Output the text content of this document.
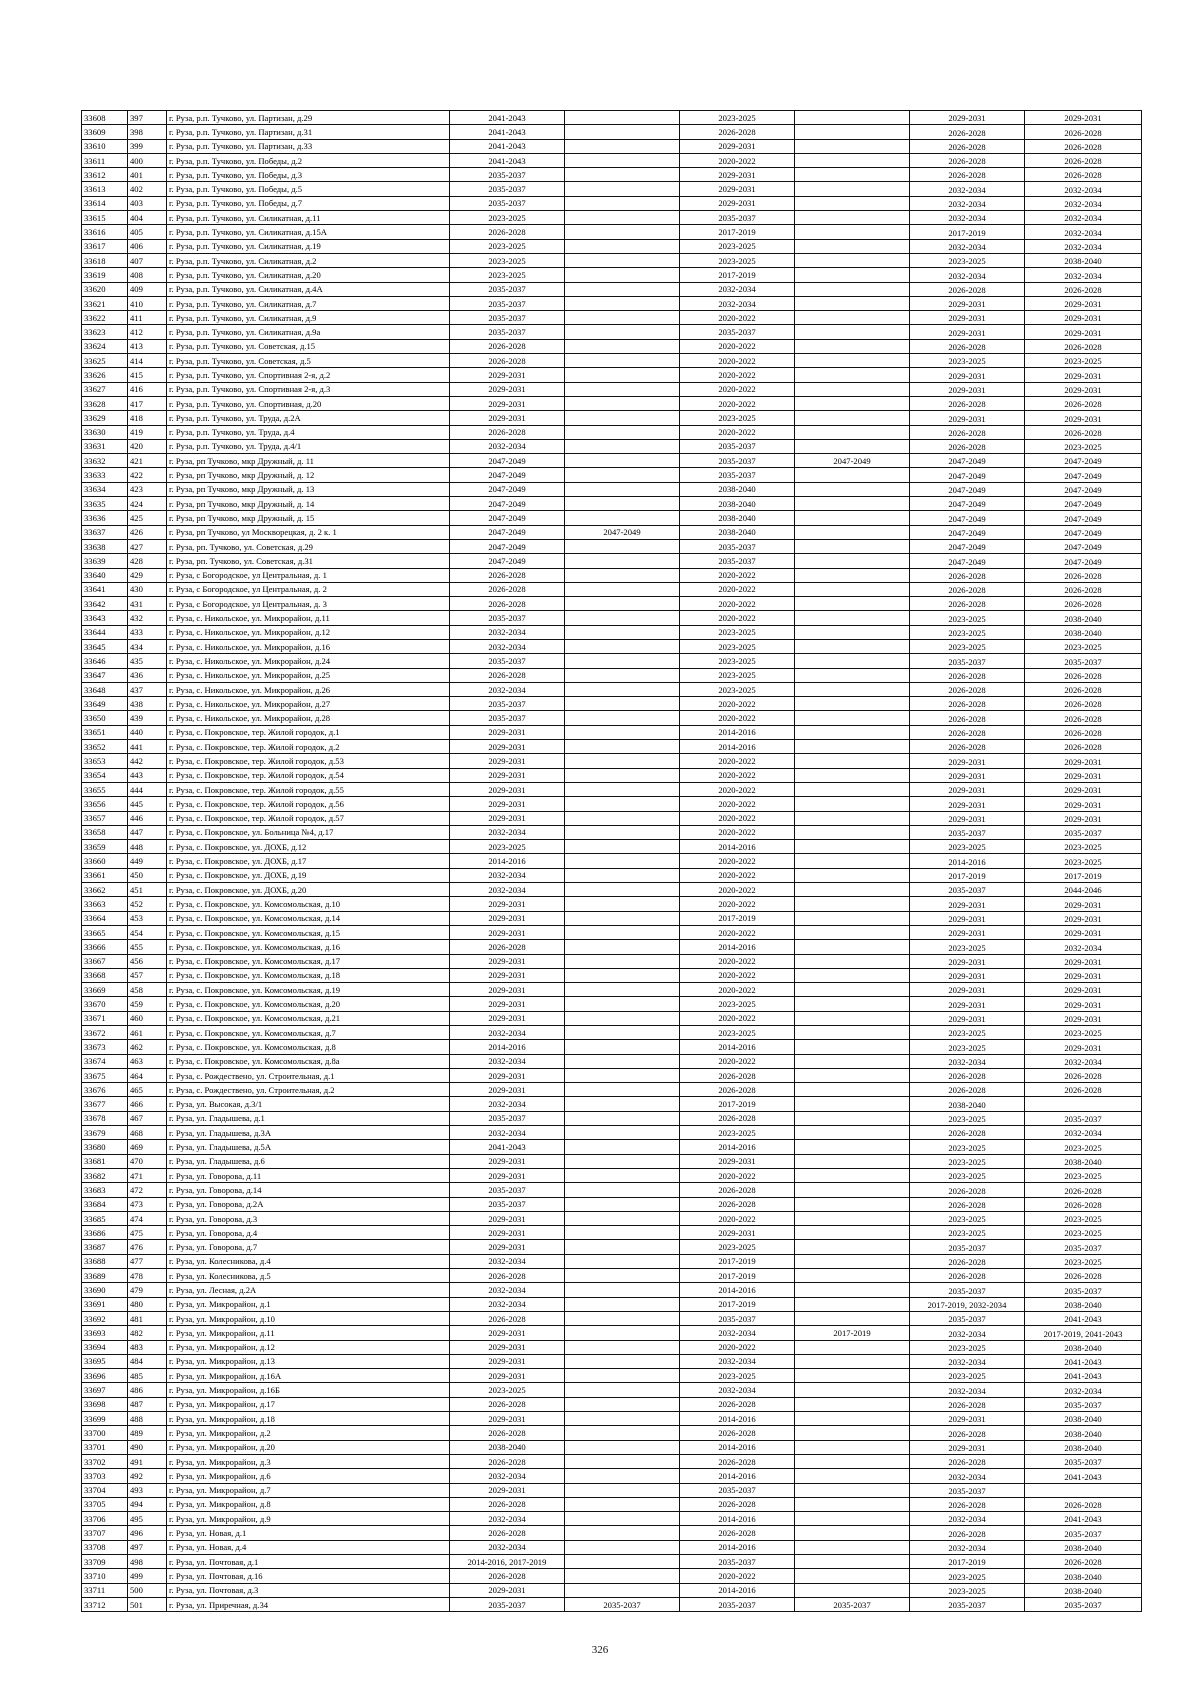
33608	397	г. Руза, р.п. Тучково, ул. Партизан, д.29	2041-2043		2023-2025		2029-2031	2029-2031
33609	398	г. Руза, р.п. Тучково, ул. Партизан, д.31	2041-2043		2026-2028		2026-2028	2026-2028
33610	399	г. Руза, р.п. Тучково, ул. Партизан, д.33	2041-2043		2029-2031		2026-2028	2026-2028
33611	400	г. Руза, р.п. Тучково, ул. Победы, д.2	2041-2043		2020-2022		2026-2028	2026-2028
33612	401	г. Руза, р.п. Тучково, ул. Победы, д.3	2035-2037		2029-2031		2026-2028	2026-2028
33613	402	г. Руза, р.п. Тучково, ул. Победы, д.5	2035-2037		2029-2031		2032-2034	2032-2034
33614	403	г. Руза, р.п. Тучково, ул. Победы, д.7	2035-2037		2029-2031		2032-2034	2032-2034
33615	404	г. Руза, р.п. Тучково, ул. Силикатная, д.11	2023-2025		2035-2037		2032-2034	2032-2034
33616	405	г. Руза, р.п. Тучково, ул. Силикатная, д.15А	2026-2028		2017-2019		2017-2019	2032-2034
33617	406	г. Руза, р.п. Тучково, ул. Силикатная, д.19	2023-2025		2023-2025		2032-2034	2032-2034
33618	407	г. Руза, р.п. Тучково, ул. Силикатная, д.2	2023-2025		2023-2025		2023-2025	2038-2040
33619	408	г. Руза, р.п. Тучково, ул. Силикатная, д.20	2023-2025		2017-2019		2032-2034	2032-2034
33620	409	г. Руза, р.п. Тучково, ул. Силикатная, д.4А	2035-2037		2032-2034		2026-2028	2026-2028
33621	410	г. Руза, р.п. Тучково, ул. Силикатная, д.7	2035-2037		2032-2034		2029-2031	2029-2031
33622	411	г. Руза, р.п. Тучково, ул. Силикатная, д.9	2035-2037		2020-2022		2029-2031	2029-2031
33623	412	г. Руза, р.п. Тучково, ул. Силикатная, д.9а	2035-2037		2035-2037		2029-2031	2029-2031
33624	413	г. Руза, р.п. Тучково, ул. Советская, д.15	2026-2028		2020-2022		2026-2028	2026-2028
33625	414	г. Руза, р.п. Тучково, ул. Советская, д.5	2026-2028		2020-2022		2023-2025	2023-2025
33626	415	г. Руза, р.п. Тучково, ул. Спортивная 2-я, д.2	2029-2031		2020-2022		2029-2031	2029-2031
33627	416	г. Руза, р.п. Тучково, ул. Спортивная 2-я, д.3	2029-2031		2020-2022		2029-2031	2029-2031
33628	417	г. Руза, р.п. Тучково, ул. Спортивная, д.20	2029-2031		2020-2022		2026-2028	2026-2028
33629	418	г. Руза, р.п. Тучково, ул. Труда, д.2А	2029-2031		2023-2025		2029-2031	2029-2031
33630	419	г. Руза, р.п. Тучково, ул. Труда, д.4	2026-2028		2020-2022		2026-2028	2026-2028
33631	420	г. Руза, р.п. Тучково, ул. Труда, д.4/1	2032-2034		2035-2037		2026-2028	2023-2025
33632	421	г. Руза, рп Тучково, мкр Дружный, д. 11	2047-2049		2035-2037	2047-2049	2047-2049	2047-2049
33633	422	г. Руза, рп Тучково, мкр Дружный, д. 12	2047-2049		2035-2037		2047-2049	2047-2049
33634	423	г. Руза, рп Тучково, мкр Дружный, д. 13	2047-2049		2038-2040		2047-2049	2047-2049
33635	424	г. Руза, рп Тучково, мкр Дружный, д. 14	2047-2049		2038-2040		2047-2049	2047-2049
33636	425	г. Руза, рп Тучково, мкр Дружный, д. 15	2047-2049		2038-2040		2047-2049	2047-2049
33637	426	г. Руза, рп Тучково, ул Москворецкая, д. 2 к. 1	2047-2049	2047-2049	2038-2040		2047-2049	2047-2049
33638	427	г. Руза, рп. Тучково, ул. Советская, д.29	2047-2049		2035-2037		2047-2049	2047-2049
33639	428	г. Руза, рп. Тучково, ул. Советская, д.31	2047-2049		2035-2037		2047-2049	2047-2049
33640	429	г. Руза, с Богородское, ул Центральная, д. 1	2026-2028		2020-2022		2026-2028	2026-2028
33641	430	г. Руза, с Богородское, ул Центральная, д. 2	2026-2028		2020-2022		2026-2028	2026-2028
33642	431	г. Руза, с Богородское, ул Центральная, д. 3	2026-2028		2020-2022		2026-2028	2026-2028
33643	432	г. Руза, с. Никольское, ул. Микрорайон, д.11	2035-2037		2020-2022		2023-2025	2038-2040
33644	433	г. Руза, с. Никольское, ул. Микрорайон, д.12	2032-2034		2023-2025		2023-2025	2038-2040
33645	434	г. Руза, с. Никольское, ул. Микрорайон, д.16	2032-2034		2023-2025		2023-2025	2023-2025
33646	435	г. Руза, с. Никольское, ул. Микрорайон, д.24	2035-2037		2023-2025		2035-2037	2035-2037
33647	436	г. Руза, с. Никольское, ул. Микрорайон, д.25	2026-2028		2023-2025		2026-2028	2026-2028
33648	437	г. Руза, с. Никольское, ул. Микрорайон, д.26	2032-2034		2023-2025		2026-2028	2026-2028
33649	438	г. Руза, с. Никольское, ул. Микрорайон, д.27	2035-2037		2020-2022		2026-2028	2026-2028
33650	439	г. Руза, с. Никольское, ул. Микрорайон, д.28	2035-2037		2020-2022		2026-2028	2026-2028
33651	440	г. Руза, с. Покровское, тер. Жилой городок, д.1	2029-2031		2014-2016		2026-2028	2026-2028
33652	441	г. Руза, с. Покровское, тер. Жилой городок, д.2	2029-2031		2014-2016		2026-2028	2026-2028
33653	442	г. Руза, с. Покровское, тер. Жилой городок, д.53	2029-2031		2020-2022		2029-2031	2029-2031
33654	443	г. Руза, с. Покровское, тер. Жилой городок, д.54	2029-2031		2020-2022		2029-2031	2029-2031
33655	444	г. Руза, с. Покровское, тер. Жилой городок, д.55	2029-2031		2020-2022		2029-2031	2029-2031
33656	445	г. Руза, с. Покровское, тер. Жилой городок, д.56	2029-2031		2020-2022		2029-2031	2029-2031
33657	446	г. Руза, с. Покровское, тер. Жилой городок, д.57	2029-2031		2020-2022		2029-2031	2029-2031
33658	447	г. Руза, с. Покровское, ул. Больница №4, д.17	2032-2034		2020-2022		2035-2037	2035-2037
33659	448	г. Руза, с. Покровское, ул. ДОХБ, д.12	2023-2025		2014-2016		2023-2025	2023-2025
33660	449	г. Руза, с. Покровское, ул. ДОХБ, д.17	2014-2016		2020-2022		2014-2016	2023-2025
33661	450	г. Руза, с. Покровское, ул. ДОХБ, д.19	2032-2034		2020-2022		2017-2019	2017-2019
33662	451	г. Руза, с. Покровское, ул. ДОХБ, д.20	2032-2034		2020-2022		2035-2037	2044-2046
33663	452	г. Руза, с. Покровское, ул. Комсомольская, д.10	2029-2031		2020-2022		2029-2031	2029-2031
33664	453	г. Руза, с. Покровское, ул. Комсомольская, д.14	2029-2031		2017-2019		2029-2031	2029-2031
33665	454	г. Руза, с. Покровское, ул. Комсомольская, д.15	2029-2031		2020-2022		2029-2031	2029-2031
33666	455	г. Руза, с. Покровское, ул. Комсомольская, д.16	2026-2028		2014-2016		2023-2025	2032-2034
33667	456	г. Руза, с. Покровское, ул. Комсомольская, д.17	2029-2031		2020-2022		2029-2031	2029-2031
33668	457	г. Руза, с. Покровское, ул. Комсомольская, д.18	2029-2031		2020-2022		2029-2031	2029-2031
33669	458	г. Руза, с. Покровское, ул. Комсомольская, д.19	2029-2031		2020-2022		2029-2031	2029-2031
33670	459	г. Руза, с. Покровское, ул. Комсомольская, д.20	2029-2031		2023-2025		2029-2031	2029-2031
33671	460	г. Руза, с. Покровское, ул. Комсомольская, д.21	2029-2031		2020-2022		2029-2031	2029-2031
33672	461	г. Руза, с. Покровское, ул. Комсомольская, д.7	2032-2034		2023-2025		2023-2025	2023-2025
33673	462	г. Руза, с. Покровское, ул. Комсомольская, д.8	2014-2016		2014-2016		2023-2025	2029-2031
33674	463	г. Руза, с. Покровское, ул. Комсомольская, д.8а	2032-2034		2020-2022		2032-2034	2032-2034
33675	464	г. Руза, с. Рождествено, ул. Строительная, д.1	2029-2031		2026-2028		2026-2028	2026-2028
33676	465	г. Руза, с. Рождествено, ул. Строительная, д.2	2029-2031		2026-2028		2026-2028	2026-2028
33677	466	г. Руза, ул. Высокая, д.3/1	2032-2034		2017-2019		2038-2040	
33678	467	г. Руза, ул. Гладышева, д.1	2035-2037		2026-2028		2023-2025	2035-2037
33679	468	г. Руза, ул. Гладышева, д.3А	2032-2034		2023-2025		2026-2028	2032-2034
33680	469	г. Руза, ул. Гладышева, д.5А	2041-2043		2014-2016		2023-2025	2023-2025
33681	470	г. Руза, ул. Гладышева, д.6	2029-2031		2029-2031		2023-2025	2038-2040
33682	471	г. Руза, ул. Говорова, д.11	2029-2031		2020-2022		2023-2025	2023-2025
33683	472	г. Руза, ул. Говорова, д.14	2035-2037		2026-2028		2026-2028	2026-2028
33684	473	г. Руза, ул. Говорова, д.2А	2035-2037		2026-2028		2026-2028	2026-2028
33685	474	г. Руза, ул. Говорова, д.3	2029-2031		2020-2022		2023-2025	2023-2025
33686	475	г. Руза, ул. Говорова, д.4	2029-2031		2029-2031		2023-2025	2023-2025
33687	476	г. Руза, ул. Говорова, д.7	2029-2031		2023-2025		2035-2037	2035-2037
33688	477	г. Руза, ул. Колесникова, д.4	2032-2034		2017-2019		2026-2028	2023-2025
33689	478	г. Руза, ул. Колесникова, д.5	2026-2028		2017-2019		2026-2028	2026-2028
33690	479	г. Руза, ул. Лесная, д.2А	2032-2034		2014-2016		2035-2037	2035-2037
33691	480	г. Руза, ул. Микрорайон, д.1	2032-2034		2017-2019		2017-2019, 2032-2034	2038-2040
33692	481	г. Руза, ул. Микрорайон, д.10	2026-2028		2035-2037		2035-2037	2041-2043
33693	482	г. Руза, ул. Микрорайон, д.11	2029-2031		2032-2034	2017-2019	2032-2034	2017-2019, 2041-2043
33694	483	г. Руза, ул. Микрорайон, д.12	2029-2031		2020-2022		2023-2025	2038-2040
33695	484	г. Руза, ул. Микрорайон, д.13	2029-2031		2032-2034		2032-2034	2041-2043
33696	485	г. Руза, ул. Микрорайон, д.16А	2029-2031		2023-2025		2023-2025	2041-2043
33697	486	г. Руза, ул. Микрорайон, д.16Б	2023-2025		2032-2034		2032-2034	2032-2034
33698	487	г. Руза, ул. Микрорайон, д.17	2026-2028		2026-2028		2026-2028	2035-2037
33699	488	г. Руза, ул. Микрорайон, д.18	2029-2031		2014-2016		2029-2031	2038-2040
33700	489	г. Руза, ул. Микрорайон, д.2	2026-2028		2026-2028		2026-2028	2038-2040
33701	490	г. Руза, ул. Микрорайон, д.20	2038-2040		2014-2016		2029-2031	2038-2040
33702	491	г. Руза, ул. Микрорайон, д.3	2026-2028		2026-2028		2026-2028	2035-2037
33703	492	г. Руза, ул. Микрорайон, д.6	2032-2034		2014-2016		2032-2034	2041-2043
33704	493	г. Руза, ул. Микрорайон, д.7	2029-2031		2035-2037		2035-2037	
33705	494	г. Руза, ул. Микрорайон, д.8	2026-2028		2026-2028		2026-2028	2026-2028
33706	495	г. Руза, ул. Микрорайон, д.9	2032-2034		2014-2016		2032-2034	2041-2043
33707	496	г. Руза, ул. Новая, д.1	2026-2028		2026-2028		2026-2028	2035-2037
33708	497	г. Руза, ул. Новая, д.4	2032-2034		2014-2016		2032-2034	2038-2040
33709	498	г. Руза, ул. Почтовая, д.1	2014-2016, 2017-2019		2035-2037		2017-2019	2026-2028
33710	499	г. Руза, ул. Почтовая, д.16	2026-2028		2020-2022		2023-2025	2038-2040
33711	500	г. Руза, ул. Почтовая, д.3	2029-2031		2014-2016		2023-2025	2038-2040
33712	501	г. Руза, ул. Приречная, д.34	2035-2037	2035-2037	2035-2037	2035-2037	2035-2037	2035-2037
326
